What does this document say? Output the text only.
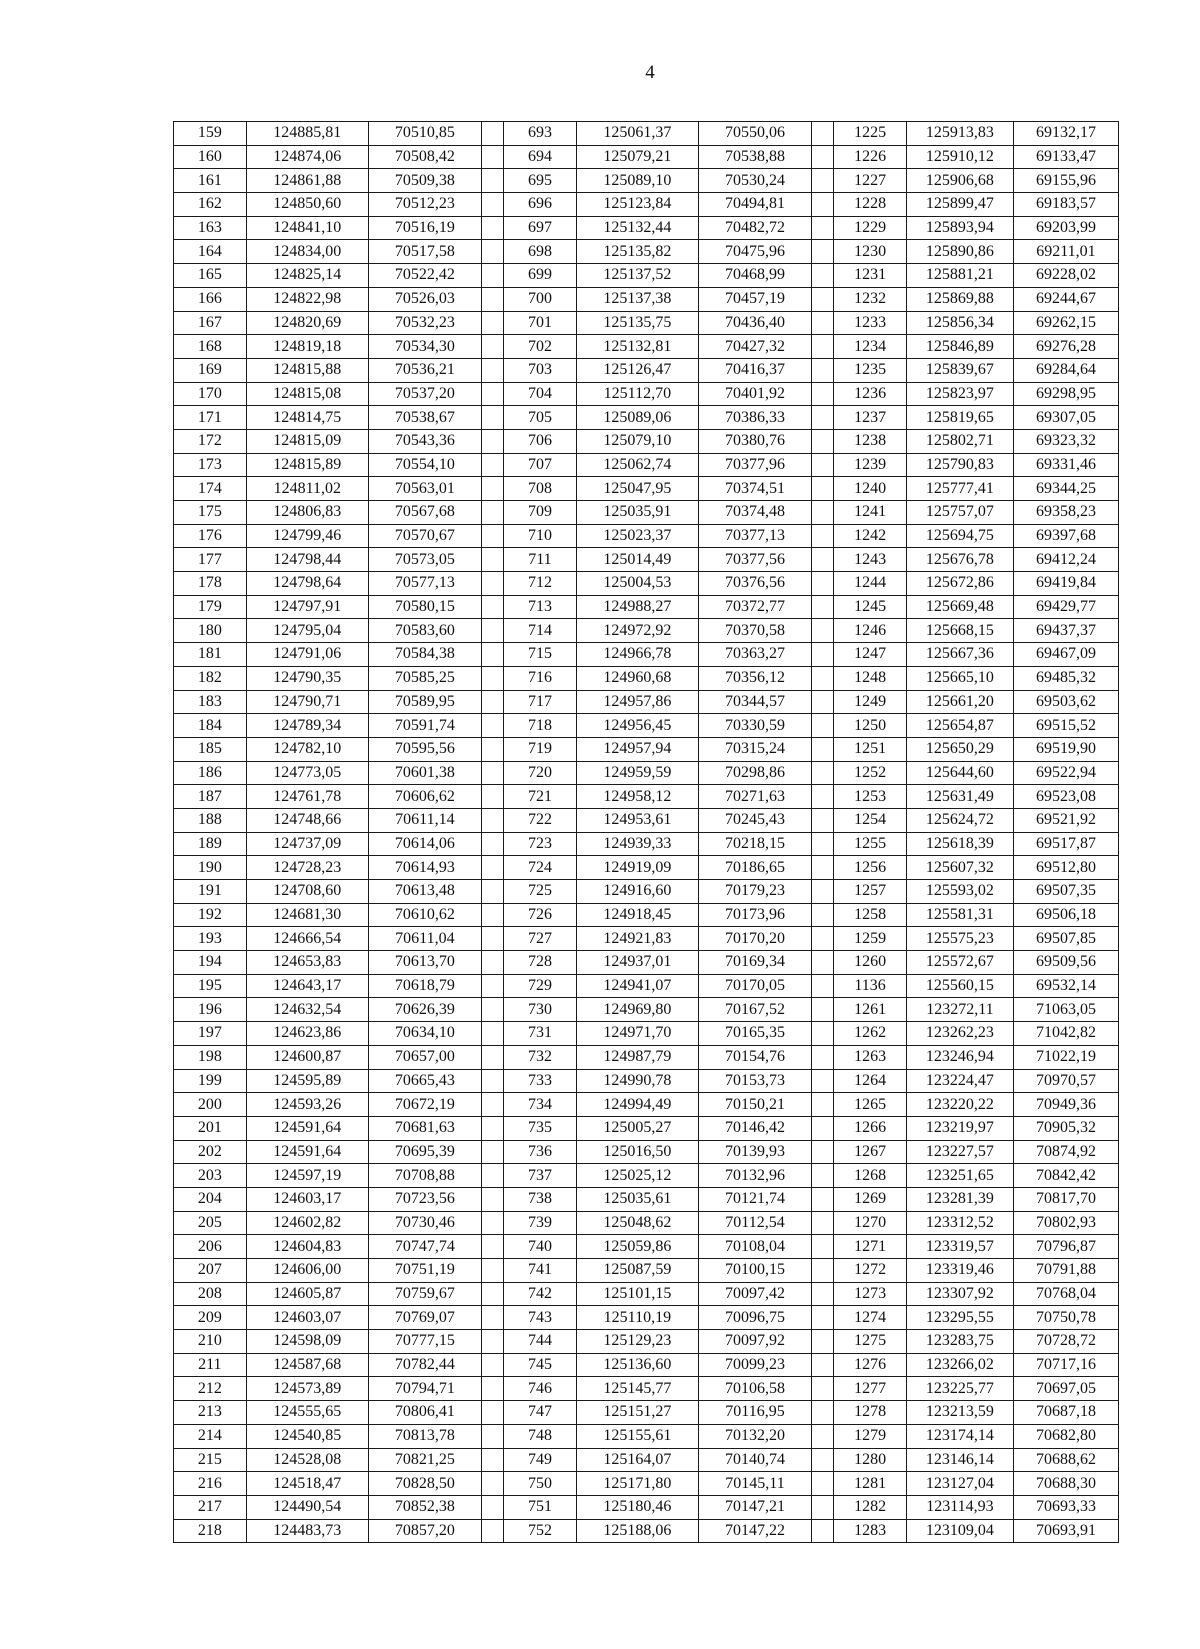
4
159	124885,81	70510,85		693	125061,37	70550,06		1225	125913,83	69132,17
160	124874,06	70508,42		694	125079,21	70538,88		1226	125910,12	69133,47
161	124861,88	70509,38		695	125089,10	70530,24		1227	125906,68	69155,96
162	124850,60	70512,23		696	125123,84	70494,81		1228	125899,47	69183,57
163	124841,10	70516,19		697	125132,44	70482,72		1229	125893,94	69203,99
164	124834,00	70517,58		698	125135,82	70475,96		1230	125890,86	69211,01
165	124825,14	70522,42		699	125137,52	70468,99		1231	125881,21	69228,02
166	124822,98	70526,03		700	125137,38	70457,19		1232	125869,88	69244,67
167	124820,69	70532,23		701	125135,75	70436,40		1233	125856,34	69262,15
168	124819,18	70534,30		702	125132,81	70427,32		1234	125846,89	69276,28
169	124815,88	70536,21		703	125126,47	70416,37		1235	125839,67	69284,64
170	124815,08	70537,20		704	125112,70	70401,92		1236	125823,97	69298,95
171	124814,75	70538,67		705	125089,06	70386,33		1237	125819,65	69307,05
172	124815,09	70543,36		706	125079,10	70380,76		1238	125802,71	69323,32
173	124815,89	70554,10		707	125062,74	70377,96		1239	125790,83	69331,46
174	124811,02	70563,01		708	125047,95	70374,51		1240	125777,41	69344,25
175	124806,83	70567,68		709	125035,91	70374,48		1241	125757,07	69358,23
176	124799,46	70570,67		710	125023,37	70377,13		1242	125694,75	69397,68
177	124798,44	70573,05		711	125014,49	70377,56		1243	125676,78	69412,24
178	124798,64	70577,13		712	125004,53	70376,56		1244	125672,86	69419,84
179	124797,91	70580,15		713	124988,27	70372,77		1245	125669,48	69429,77
180	124795,04	70583,60		714	124972,92	70370,58		1246	125668,15	69437,37
181	124791,06	70584,38		715	124966,78	70363,27		1247	125667,36	69467,09
182	124790,35	70585,25		716	124960,68	70356,12		1248	125665,10	69485,32
183	124790,71	70589,95		717	124957,86	70344,57		1249	125661,20	69503,62
184	124789,34	70591,74		718	124956,45	70330,59		1250	125654,87	69515,52
185	124782,10	70595,56		719	124957,94	70315,24		1251	125650,29	69519,90
186	124773,05	70601,38		720	124959,59	70298,86		1252	125644,60	69522,94
187	124761,78	70606,62		721	124958,12	70271,63		1253	125631,49	69523,08
188	124748,66	70611,14		722	124953,61	70245,43		1254	125624,72	69521,92
189	124737,09	70614,06		723	124939,33	70218,15		1255	125618,39	69517,87
190	124728,23	70614,93		724	124919,09	70186,65		1256	125607,32	69512,80
191	124708,60	70613,48		725	124916,60	70179,23		1257	125593,02	69507,35
192	124681,30	70610,62		726	124918,45	70173,96		1258	125581,31	69506,18
193	124666,54	70611,04		727	124921,83	70170,20		1259	125575,23	69507,85
194	124653,83	70613,70		728	124937,01	70169,34		1260	125572,67	69509,56
195	124643,17	70618,79		729	124941,07	70170,05		1136	125560,15	69532,14
196	124632,54	70626,39		730	124969,80	70167,52		1261	123272,11	71063,05
197	124623,86	70634,10		731	124971,70	70165,35		1262	123262,23	71042,82
198	124600,87	70657,00		732	124987,79	70154,76		1263	123246,94	71022,19
199	124595,89	70665,43		733	124990,78	70153,73		1264	123224,47	70970,57
200	124593,26	70672,19		734	124994,49	70150,21		1265	123220,22	70949,36
201	124591,64	70681,63		735	125005,27	70146,42		1266	123219,97	70905,32
202	124591,64	70695,39		736	125016,50	70139,93		1267	123227,57	70874,92
203	124597,19	70708,88		737	125025,12	70132,96		1268	123251,65	70842,42
204	124603,17	70723,56		738	125035,61	70121,74		1269	123281,39	70817,70
205	124602,82	70730,46		739	125048,62	70112,54		1270	123312,52	70802,93
206	124604,83	70747,74		740	125059,86	70108,04		1271	123319,57	70796,87
207	124606,00	70751,19		741	125087,59	70100,15		1272	123319,46	70791,88
208	124605,87	70759,67		742	125101,15	70097,42		1273	123307,92	70768,04
209	124603,07	70769,07		743	125110,19	70096,75		1274	123295,55	70750,78
210	124598,09	70777,15		744	125129,23	70097,92		1275	123283,75	70728,72
211	124587,68	70782,44		745	125136,60	70099,23		1276	123266,02	70717,16
212	124573,89	70794,71		746	125145,77	70106,58		1277	123225,77	70697,05
213	124555,65	70806,41		747	125151,27	70116,95		1278	123213,59	70687,18
214	124540,85	70813,78		748	125155,61	70132,20		1279	123174,14	70682,80
215	124528,08	70821,25		749	125164,07	70140,74		1280	123146,14	70688,62
216	124518,47	70828,50		750	125171,80	70145,11		1281	123127,04	70688,30
217	124490,54	70852,38		751	125180,46	70147,21		1282	123114,93	70693,33
218	124483,73	70857,20		752	125188,06	70147,22		1283	123109,04	70693,91
